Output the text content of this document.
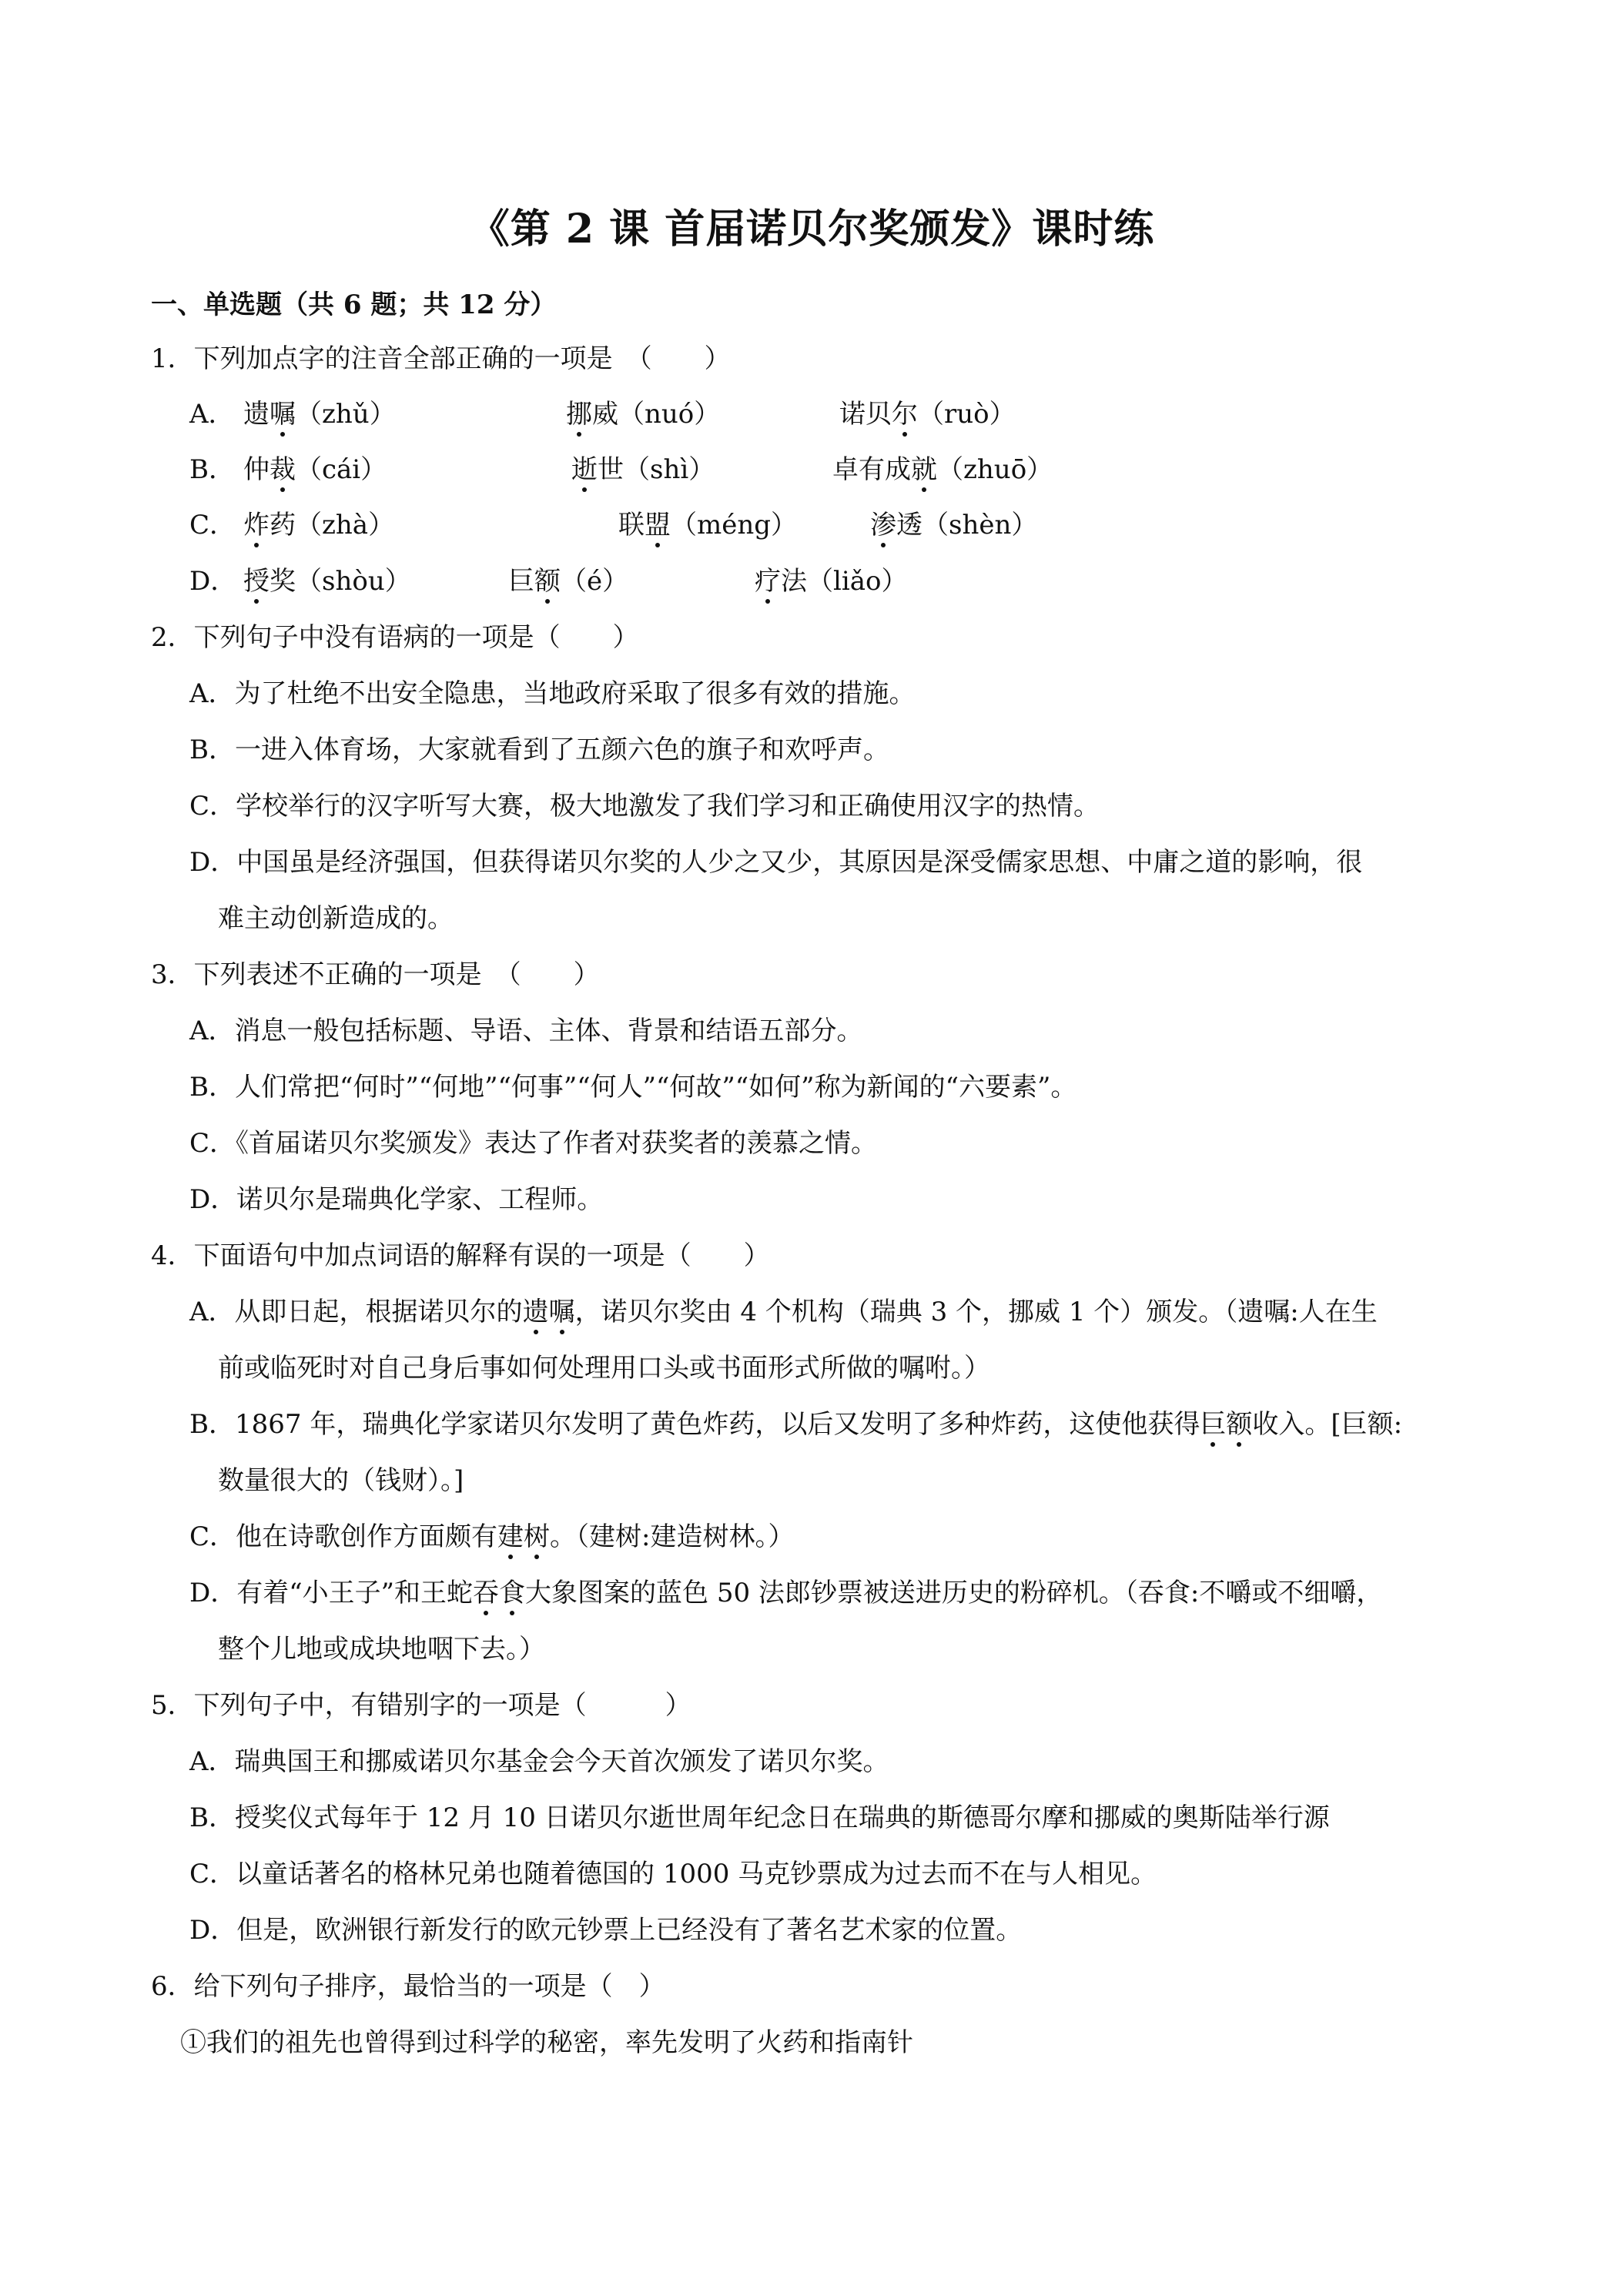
《第 2 课 首届诺贝尔奖颁发》课时练
一、单选题（共 6 题；共 12 分）
1．下列加点字的注音全部正确的一项是　（　　）
A． 遗嘱（zhǔ）	挪威（nuó）	诺贝尔（ruò）
B． 仲裁（cái）	逝世（shì）	卓有成就（zhuō）
C． 炸药（zhà）	联盟（méng）	渗透（shèn）
D． 授奖（shòu）	巨额（é）	疗法（liǎo）
2．下列句子中没有语病的一项是（　　）
A．为了杜绝不出安全隐患，当地政府采取了很多有效的措施。
B．一进入体育场，大家就看到了五颜六色的旗子和欢呼声。
C．学校举行的汉字听写大赛，极大地激发了我们学习和正确使用汉字的热情。
D．中国虽是经济强国，但获得诺贝尔奖的人少之又少，其原因是深受儒家思想、中庸之道的影响，很
难主动创新造成的。
3．下列表述不正确的一项是　（　　）
A．消息一般包括标题、导语、主体、背景和结语五部分。
B．人们常把“何时”“何地”“何事”“何人”“何故”“如何”称为新闻的“六要素”。
C．《首届诺贝尔奖颁发》表达了作者对获奖者的羡慕之情。
D．诺贝尔是瑞典化学家、工程师。
4．下面语句中加点词语的解释有误的一项是（　　）
A．从即日起，根据诺贝尔的遗嘱，诺贝尔奖由 4 个机构（瑞典 3 个，挪威 1 个）颁发。（遗嘱:人在生
前或临死时对自己身后事如何处理用口头或书面形式所做的嘱咐。）
B．1867 年，瑞典化学家诺贝尔发明了黄色炸药，以后又发明了多种炸药，这使他获得巨额收入。[巨额:
数量很大的（钱财）。]
C．他在诗歌创作方面颇有建树。（建树:建造树林。）
D．有着“小王子”和王蛇吞食大象图案的蓝色 50 法郎钞票被送进历史的粉碎机。（吞食:不嚼或不细嚼，
整个儿地或成块地咽下去。）
5．下列句子中，有错别字的一项是（　　　）
A．瑞典国王和挪威诺贝尔基金会今天首次颁发了诺贝尔奖。
B．授奖仪式每年于 12 月 10 日诺贝尔逝世周年纪念日在瑞典的斯德哥尔摩和挪威的奥斯陆举行源
C．以童话著名的格林兄弟也随着德国的 1000 马克钞票成为过去而不在与人相见。
D．但是，欧洲银行新发行的欧元钞票上已经没有了著名艺术家的位置。
6．给下列句子排序，最恰当的一项是（　）
①我们的祖先也曾得到过科学的秘密，率先发明了火药和指南针
